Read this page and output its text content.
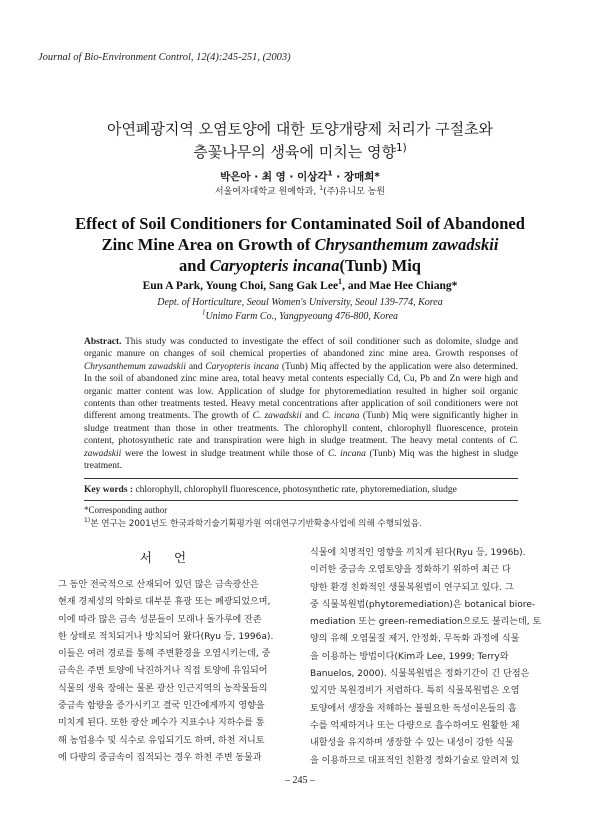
Journal of Bio-Environment Control, 12(4):245-251, (2003)
아연폐광지역 오염토양에 대한 토양개량제 처리가 구절초와
층꽃나무의 생육에 미치는 영향$^{1)}$
박은아 · 최 영 · 이상각$^1$ · 장매희*
서울여자대학교 원예학과, $^1$(주)유니모 농원
Effect of Soil Conditioners for Contaminated Soil of Abandoned
Zinc Mine Area on Growth of Chrysanthemum zawadskii
and Caryopteris incana(Tunb) Miq
Eun A Park, Young Choi, Sang Gak Lee$^1$, and Mae Hee Chiang*
Dept. of Horticulture, Seoul Women's University, Seoul 139-774, Korea
$^1$Unimo Farm Co., Yangpyeoung 476-800, Korea
Abstract. This study was conducted to investigate the effect of soil conditioner such as dolomite, sludge and organic manure on changes of soil chemical properties of abandoned zinc mine area. Growth responses of Chrysanthemum zawadskii and Caryopteris incana (Tunb) Miq affected by the application were also determined. In the soil of abandoned zinc mine area, total heavy metal contents especially Cd, Cu, Pb and Zn were high and organic matter content was low. Application of sludge for phytoremediation resulted in higher soil organic contents than other treatments tested. Heavy metal concentrations after application of soil conditioners were not different among treatments. The growth of C. zawadskii and C. incana (Tunb) Miq were significantly higher in sludge treatment than those in other treatments. The chlorophyll content, chlorophyll fluorescence, protein content, photosynthetic rate and transpiration were high in sludge treatment. The heavy metal contents of C. zawadskii were the lowest in sludge treatment while those of C. incana (Tunb) Miq was the highest in sludge treatment.
Key words : chlorophyll, chlorophyll fluorescence, photosynthetic rate, phytoremediation, sludge
*Corresponding author
$^{1)}$본 연구는 2001년도 한국과학기술기획평가원 여대연구기반확충사업에 의해 수행되었음.
서언
그 동안 전국적으로 산재되어 있던 많은 금속광산은
현재 경제성의 악화로 대부분 휴광 또는 폐광되었으며,
이에 따라 많은 금속 성분들이 모래나 돌가루에 잔존
한 상태로 적치되거나 방치되어 왔다(Ryu 등, 1996a).
이들은 여러 경로를 통해 주변환경을 오염시키는데, 중
금속은 주변 토양에 낙진하거나 직접 토양에 유입되어
식물의 생육 장애는 물론 광산 인근지역의 농작물들의
중금속 함량을 증가시키고 결국 인간에게까지 영향을
미치게 된다. 또한 광산 폐수가 지표수나 지하수를 통
해 농업용수 및 식수로 유입되기도 하며, 하천 저니토
에 다량의 중금속이 집적되는 경우 하천 주변 동물과
식물에 치명적인 영향을 끼치게 된다(Ryu 등, 1996b).
이러한 중금속 오염토양을 정화하기 위하여 최근 다
양한 환경 친화적인 생물복원법이 연구되고 있다. 그
중 식물복원법(phytoremediation)은 botanical biore-
mediation 또는 green-remediation으로도 불리는데, 토
양의 유해 오염물질 제거, 안정화, 무독화 과정에 식물
을 이용하는 방법이다(Kim과 Lee, 1999; Terry와
Banuelos, 2000). 식물복원법은 정화기간이 긴 단점은
있지만 복원경비가 저렴하다. 특히 식물복원법은 오염
토양에서 생장을 저해하는 불필요한 독성이온들의 흡
수를 억제하거나 또는 다량으로 흡수하여도 원활한 체
내할성을 유지하며 생장할 수 있는 내성이 강한 식물
을 이용하므로 대표적인 친환경 정화기술로 알려져 있
– 245 –
